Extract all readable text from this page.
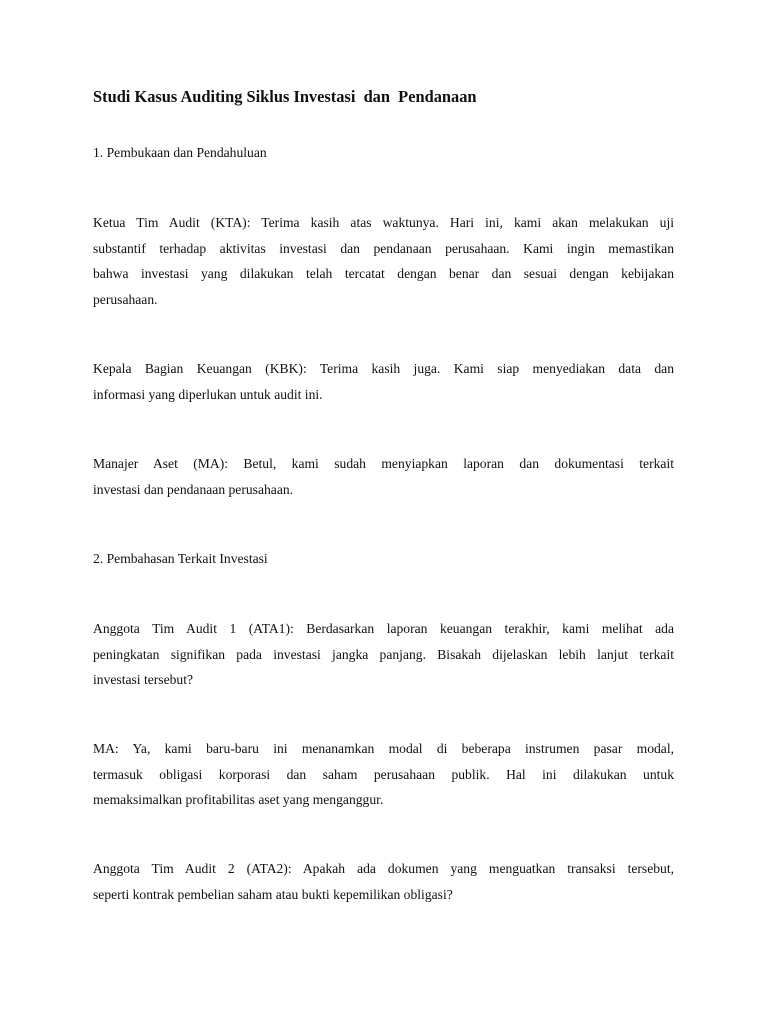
Studi Kasus Auditing Siklus Investasi  dan  Pendanaan

1. Pembukaan dan Pendahuluan

Ketua Tim Audit (KTA): Terima kasih atas waktunya. Hari ini, kami akan melakukan uji
substantif terhadap aktivitas investasi dan pendanaan perusahaan. Kami ingin memastikan
bahwa investasi yang dilakukan telah tercatat dengan benar dan sesuai dengan kebijakan
perusahaan.
Kepala Bagian Keuangan (KBK): Terima kasih juga. Kami siap menyediakan data dan
informasi yang diperlukan untuk audit ini.
Manajer Aset (MA): Betul, kami sudah menyiapkan laporan dan dokumentasi terkait
investasi dan pendanaan perusahaan.

2. Pembahasan Terkait Investasi

Anggota Tim Audit 1 (ATA1): Berdasarkan laporan keuangan terakhir, kami melihat ada
peningkatan signifikan pada investasi jangka panjang. Bisakah dijelaskan lebih lanjut terkait
investasi tersebut?
MA: Ya, kami baru-baru ini menanamkan modal di beberapa instrumen pasar modal,
termasuk obligasi korporasi dan saham perusahaan publik. Hal ini dilakukan untuk
memaksimalkan profitabilitas aset yang menganggur.
Anggota Tim Audit 2 (ATA2): Apakah ada dokumen yang menguatkan transaksi tersebut,
seperti kontrak pembelian saham atau bukti kepemilikan obligasi?
